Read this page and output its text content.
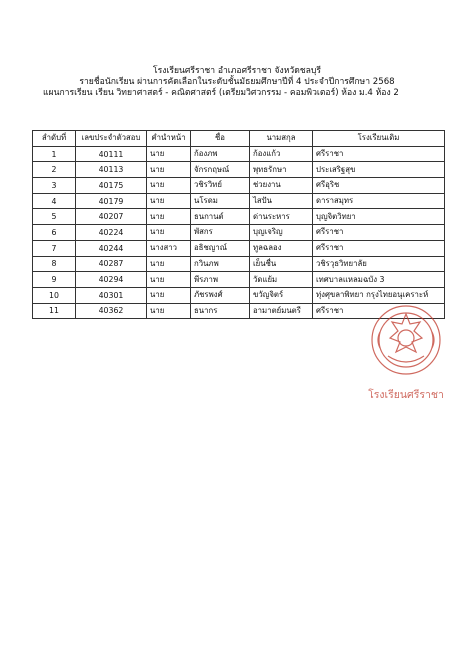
โรงเรียนศรีราชา อำเภอศรีราชา จังหวัดชลบุรี
รายชื่อนักเรียน ผ่านการคัดเลือกในระดับชั้นมัธยมศึกษาปีที่ 4 ประจำปีการศึกษา 2568
แผนการเรียน เรียน วิทยาศาสตร์ - คณิตศาสตร์ (เตรียมวิศวกรรม - คอมพิวเตอร์) ห้อง ม.4 ห้อง 2
ลำดับที่	เลขประจำตัวสอบ	คำนำหน้า	ชื่อ	นามสกุล	โรงเรียนเดิม
1	40111	นาย	ก้องภพ	ก้องแก้ว	ศรีราชา
2	40113	นาย	จักรกฤษณ์	พุทธรักษา	ประเสริฐสุข
3	40175	นาย	วชิรวิทย์	ช่วยงาน	ศรีอุริช
4	40179	นาย	นโรดม	ไสปัน	ดาราสมุทร
5	40207	นาย	ธนกานต์	ด่านระหาร	บุญจิตวิทยา
6	40224	นาย	พัสกร	บุญเจริญ	ศรีราชา
7	40244	นางสาว	อธิชญาณ์	ทูลฉลอง	ศรีราชา
8	40287	นาย	กวินภพ	เย็นชื่น	วชิรวุธวิทยาลัย
9	40294	นาย	พีรภาพ	วัดแย้ม	เทศบาลแหลมฉบัง 3
10	40301	นาย	ภัชรพงศ์	ขวัญจิตร์	ทุ่งศุขลาพิทยา กรุงไทยอนุเคราะห์
11	40362	นาย	ธนากร	อามาตย์มนตรี	ศรีราชา
โรงเรียนศรีราชา
